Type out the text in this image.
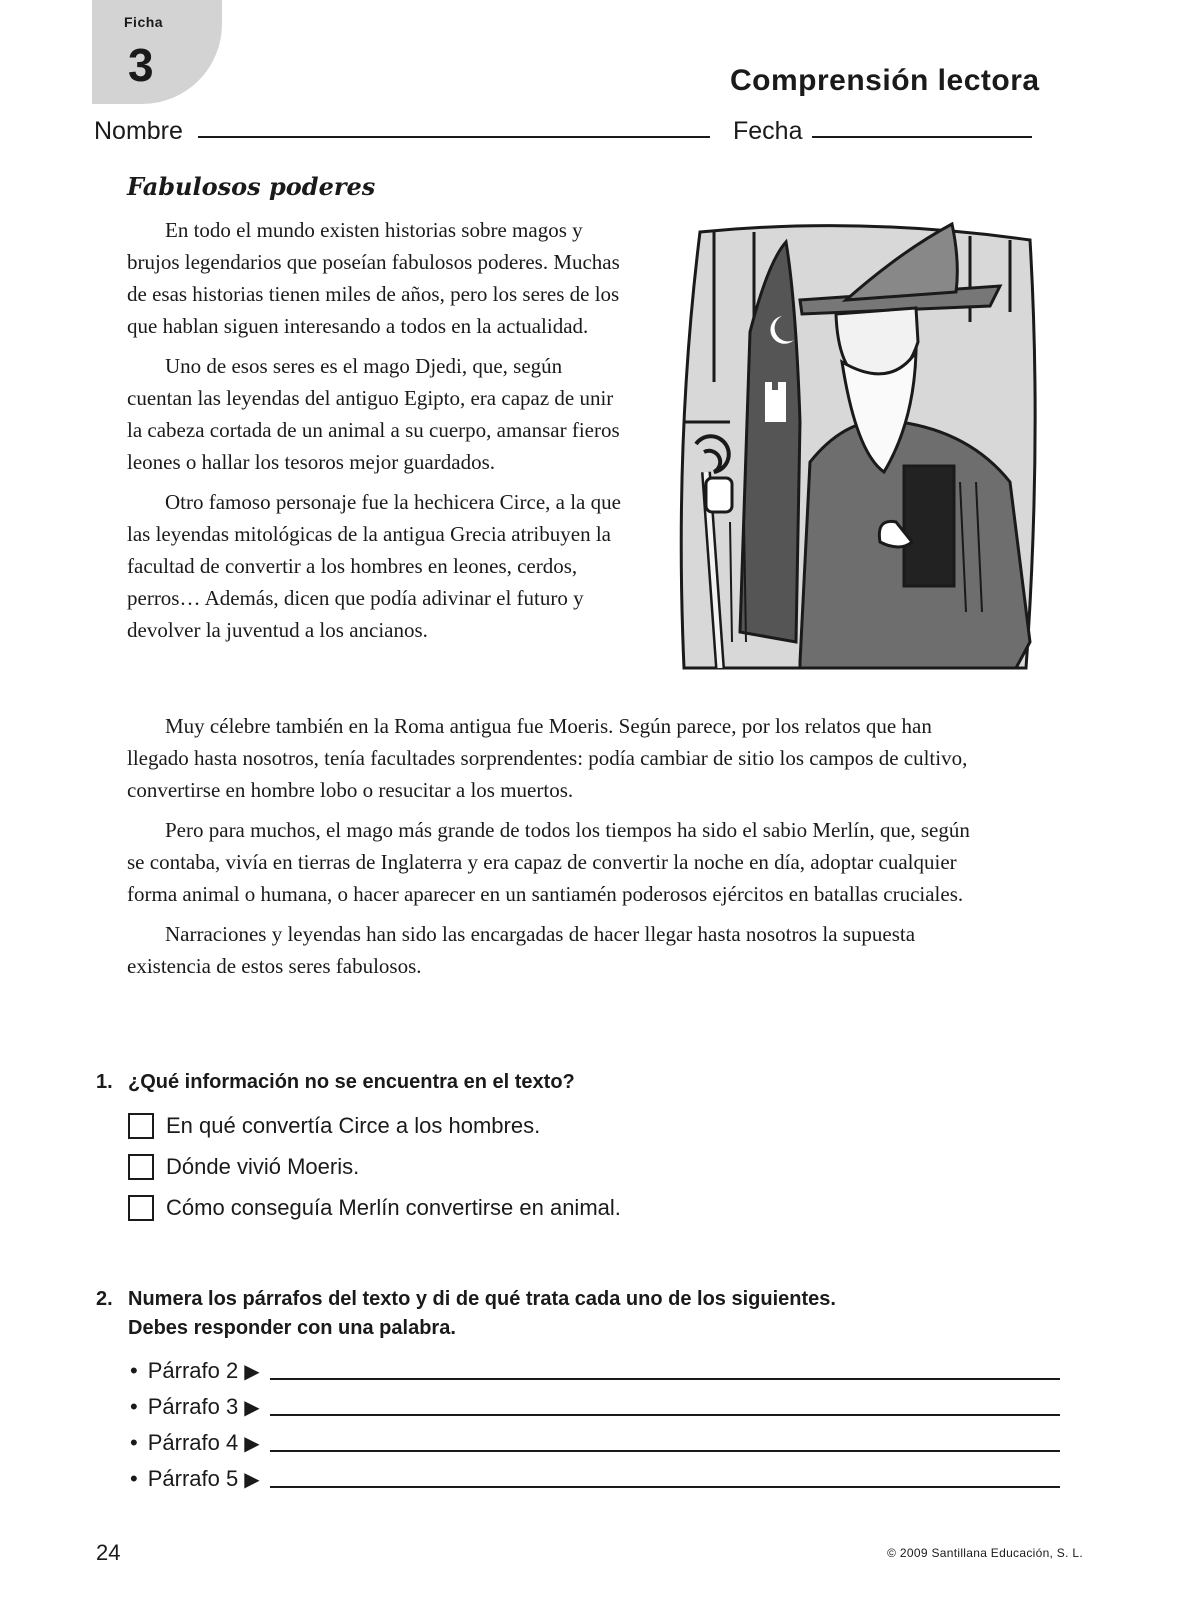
Ficha
3	Comprensión lectora
Nombre	Fecha
Fabulosos poderes

En todo el mundo existen historias sobre magos y brujos legendarios que poseían fabulosos poderes. Muchas de esas historias tienen miles de años, pero los seres de los que hablan siguen interesando a todos en la actualidad.

Uno de esos seres es el mago Djedi, que, según cuentan las leyendas del antiguo Egipto, era capaz de unir la cabeza cortada de un animal a su cuerpo, amansar fieros leones o hallar los tesoros mejor guardados.

Otro famoso personaje fue la hechicera Circe, a la que las leyendas mitológicas de la antigua Grecia atribuyen la facultad de convertir a los hombres en leones, cerdos, perros… Además, dicen que podía adivinar el futuro y devolver la juventud a los ancianos.

Muy célebre también en la Roma antigua fue Moeris. Según parece, por los relatos que han llegado hasta nosotros, tenía facultades sorprendentes: podía cambiar de sitio los campos de cultivo, convertirse en hombre lobo o resucitar a los muertos.

Pero para muchos, el mago más grande de todos los tiempos ha sido el sabio Merlín, que, según se contaba, vivía en tierras de Inglaterra y era capaz de convertir la noche en día, adoptar cualquier forma animal o humana, o hacer aparecer en un santiamén poderosos ejércitos en batallas cruciales.

Narraciones y leyendas han sido las encargadas de hacer llegar hasta nosotros la supuesta existencia de estos seres fabulosos.

1. ¿Qué información no se encuentra en el texto?
En qué convertía Circe a los hombres.
Dónde vivió Moeris.
Cómo conseguía Merlín convertirse en animal.
2. Numera los párrafos del texto y di de qué trata cada uno de los siguientes.
Debes responder con una palabra.
• Párrafo 2 ▶
• Párrafo 3 ▶
• Párrafo 4 ▶
• Párrafo 5 ▶
24	© 2009 Santillana Educación, S. L.
